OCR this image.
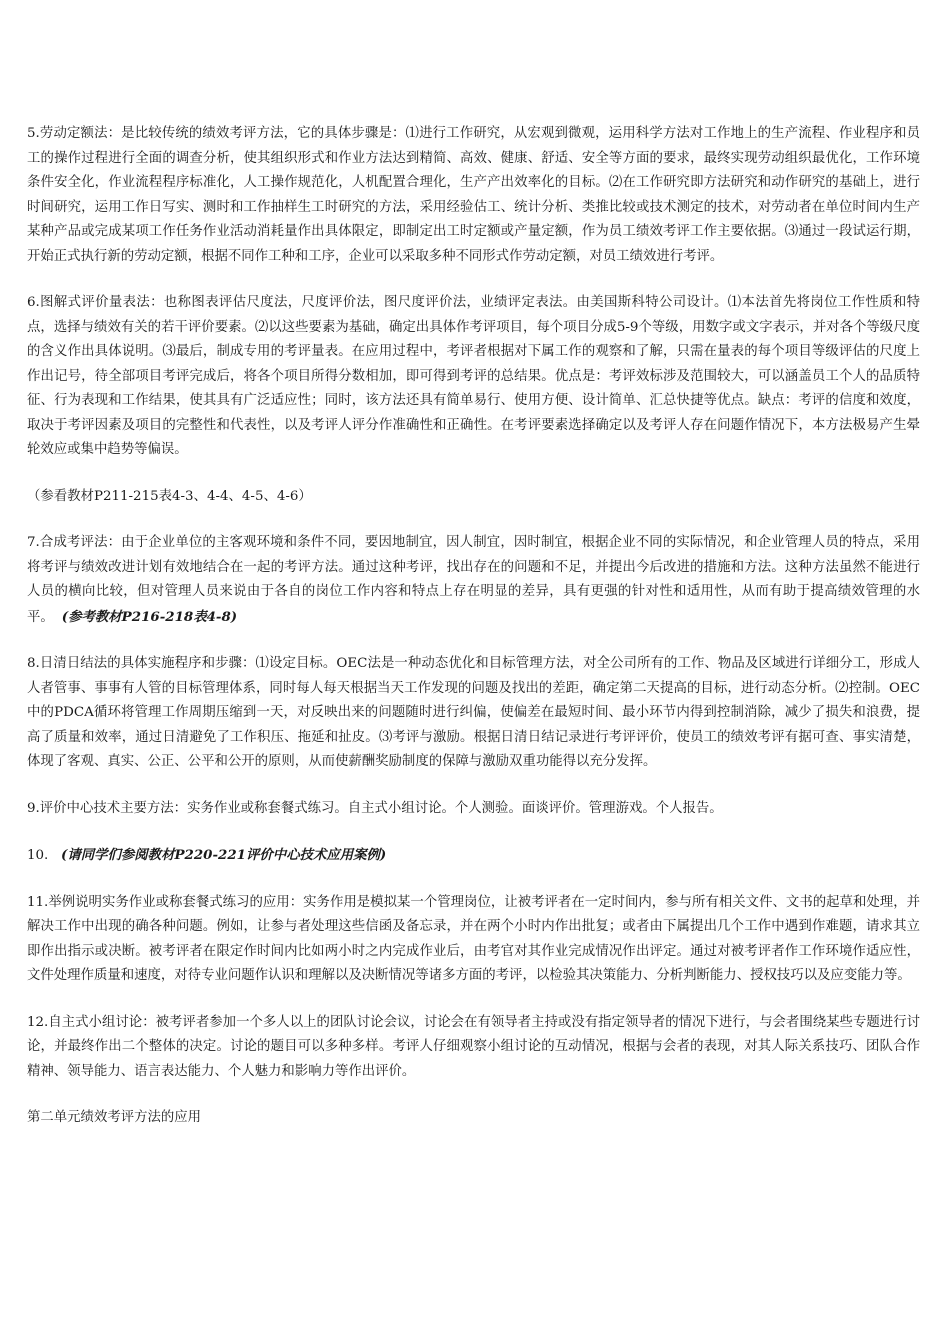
5.劳动定额法：是比较传统的绩效考评方法，它的具体步骤是：⑴进行工作研究，从宏观到微观，运用科学方法对工作地上的生产流程、作业程序和员工的操作过程进行全面的调查分析，使其组织形式和作业方法达到精简、高效、健康、舒适、安全等方面的要求，最终实现劳动组织最优化，工作环境条件安全化，作业流程程序标准化，人工操作规范化，人机配置合理化，生产产出效率化的目标。⑵在工作研究即方法研究和动作研究的基础上，进行时间研究，运用工作日写实、测时和工作抽样生工时研究的方法，采用经验估工、统计分析、类推比较或技术测定的技术，对劳动者在单位时间内生产某种产品或完成某项工作任务作业活动消耗量作出具体限定，即制定出工时定额或产量定额，作为员工绩效考评工作主要依据。⑶通过一段试运行期，开始正式执行新的劳动定额，根据不同作工种和工序，企业可以采取多种不同形式作劳动定额，对员工绩效进行考评。

6.图解式评价量表法：也称图表评估尺度法，尺度评价法，图尺度评价法，业绩评定表法。由美国斯科特公司设计。⑴本法首先将岗位工作性质和特点，选择与绩效有关的若干评价要素。⑵以这些要素为基础，确定出具体作考评项目，每个项目分成5-9个等级，用数字或文字表示，并对各个等级尺度的含义作出具体说明。⑶最后，制成专用的考评量表。在应用过程中，考评者根据对下属工作的观察和了解，只需在量表的每个项目等级评估的尺度上作出记号，待全部项目考评完成后，将各个项目所得分数相加，即可得到考评的总结果。优点是：考评效标涉及范围较大，可以涵盖员工个人的品质特征、行为表现和工作结果，使其具有广泛适应性；同时，该方法还具有简单易行、使用方便、设计简单、汇总快捷等优点。缺点：考评的信度和效度，取决于考评因素及项目的完整性和代表性，以及考评人评分作准确性和正确性。在考评要素选择确定以及考评人存在问题作情况下，本方法极易产生晕轮效应或集中趋势等偏误。

（参看教材P211-215表4-3、4-4、4-5、4-6）

7.合成考评法：由于企业单位的主客观环境和条件不同，要因地制宜，因人制宜，因时制宜，根据企业不同的实际情况，和企业管理人员的特点，采用将考评与绩效改进计划有效地结合在一起的考评方法。通过这种考评，找出存在的问题和不足，并提出今后改进的措施和方法。这种方法虽然不能进行人员的横向比较，但对管理人员来说由于各自的岗位工作内容和特点上存在明显的差异，具有更强的针对性和适用性，从而有助于提高绩效管理的水平。 (参考教材P216-218表4-8)

8.日清日结法的具体实施程序和步骤：⑴设定目标。OEC法是一种动态优化和目标管理方法，对全公司所有的工作、物品及区域进行详细分工，形成人人者管事、事事有人管的目标管理体系，同时每人每天根据当天工作发现的问题及找出的差距，确定第二天提高的目标，进行动态分析。⑵控制。OEC中的PDCA循环将管理工作周期压缩到一天，对反映出来的问题随时进行纠偏，使偏差在最短时间、最小环节内得到控制消除，减少了损失和浪费，提高了质量和效率，通过日清避免了工作积压、拖延和扯皮。⑶考评与激励。根据日清日结记录进行考评评价，使员工的绩效考评有据可查、事实清楚，体现了客观、真实、公正、公平和公开的原则，从而使薪酬奖励制度的保障与激励双重功能得以充分发挥。

9.评价中心技术主要方法：实务作业或称套餐式练习。自主式小组讨论。个人测验。面谈评价。管理游戏。个人报告。

10. (请同学们参阅教材P220-221评价中心技术应用案例)

11.举例说明实务作业或称套餐式练习的应用：实务作用是模拟某一个管理岗位，让被考评者在一定时间内，参与所有相关文件、文书的起草和处理，并解决工作中出现的确各种问题。例如，让参与者处理这些信函及备忘录，并在两个小时内作出批复；或者由下属提出几个工作中遇到作难题，请求其立即作出指示或决断。被考评者在限定作时间内比如两小时之内完成作业后，由考官对其作业完成情况作出评定。通过对被考评者作工作环境作适应性，文件处理作质量和速度，对待专业问题作认识和理解以及决断情况等诸多方面的考评，以检验其决策能力、分析判断能力、授权技巧以及应变能力等。

12.自主式小组讨论：被考评者参加一个多人以上的团队讨论会议，讨论会在有领导者主持或没有指定领导者的情况下进行，与会者围绕某些专题进行讨论，并最终作出二个整体的决定。讨论的题目可以多种多样。考评人仔细观察小组讨论的互动情况，根据与会者的表现，对其人际关系技巧、团队合作精神、领导能力、语言表达能力、个人魅力和影响力等作出评价。

第二单元绩效考评方法的应用
